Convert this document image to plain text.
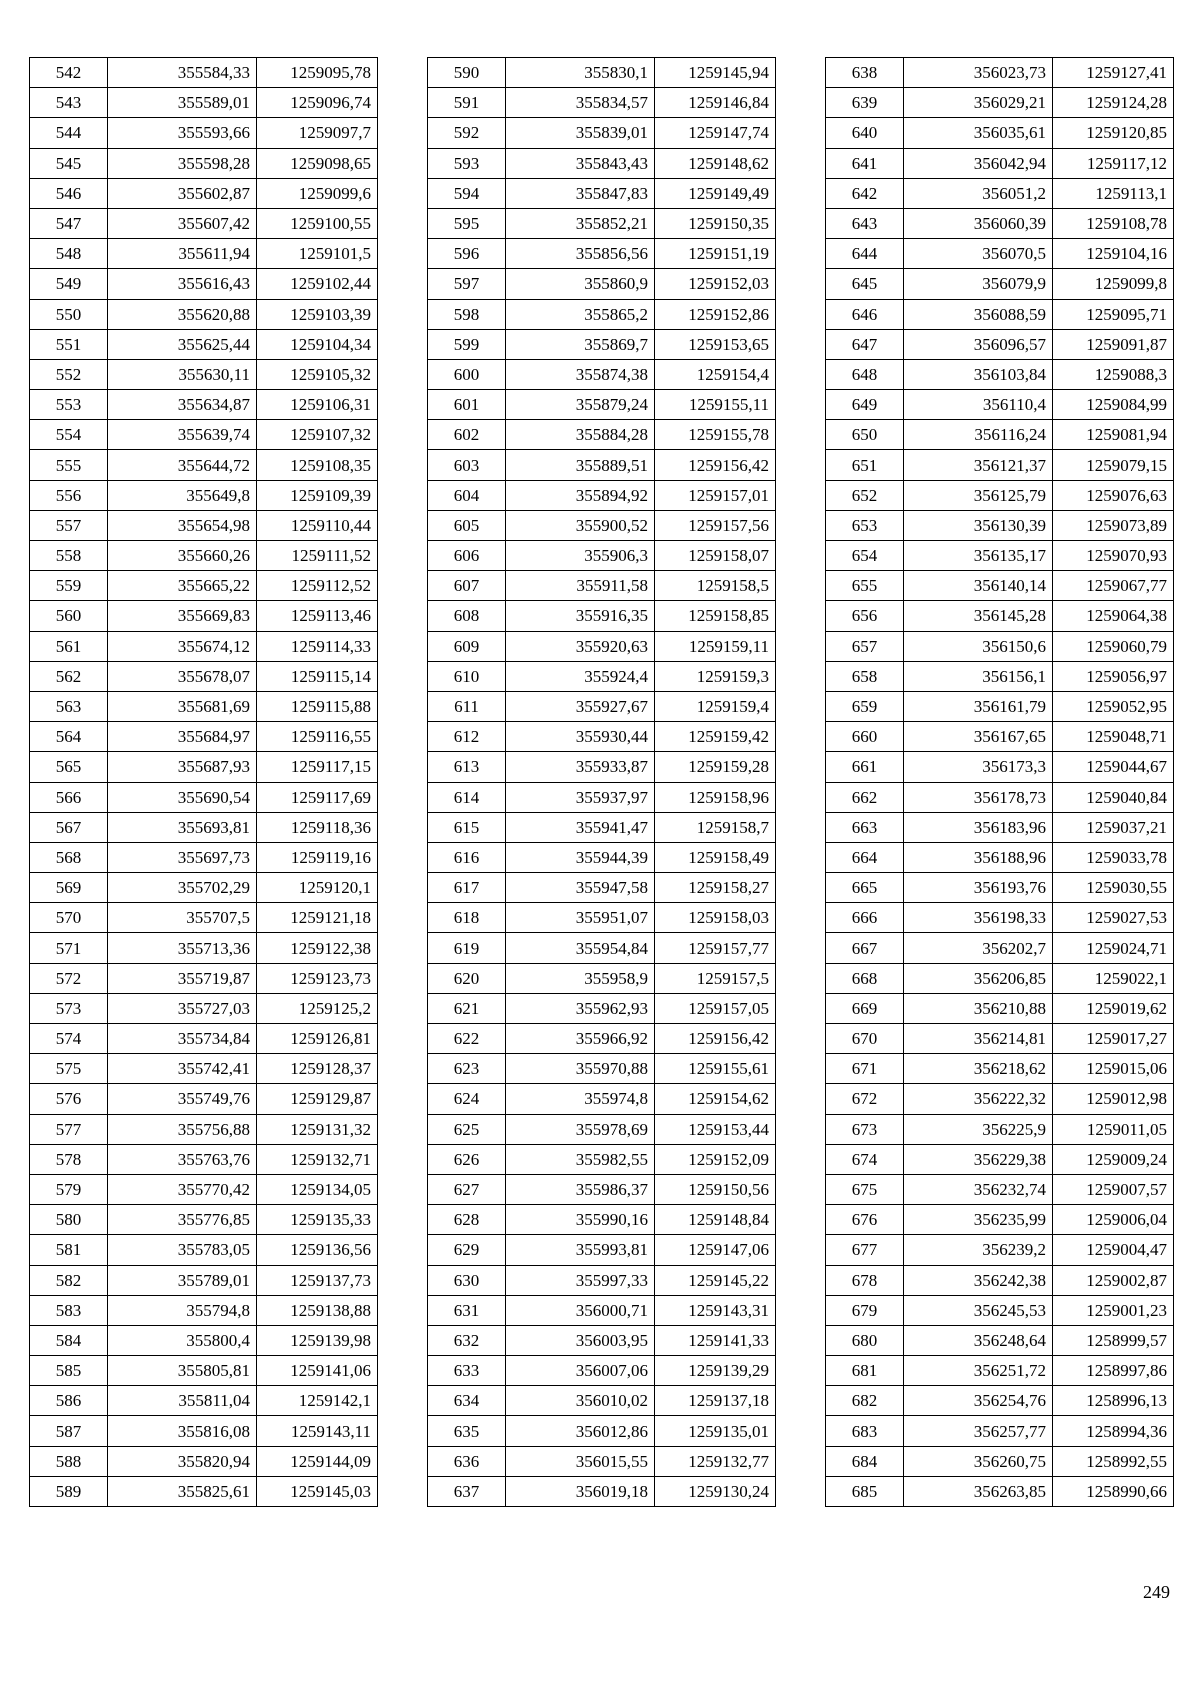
542	355584,33	1259095,78
543	355589,01	1259096,74
544	355593,66	1259097,7
545	355598,28	1259098,65
546	355602,87	1259099,6
547	355607,42	1259100,55
548	355611,94	1259101,5
549	355616,43	1259102,44
550	355620,88	1259103,39
551	355625,44	1259104,34
552	355630,11	1259105,32
553	355634,87	1259106,31
554	355639,74	1259107,32
555	355644,72	1259108,35
556	355649,8	1259109,39
557	355654,98	1259110,44
558	355660,26	1259111,52
559	355665,22	1259112,52
560	355669,83	1259113,46
561	355674,12	1259114,33
562	355678,07	1259115,14
563	355681,69	1259115,88
564	355684,97	1259116,55
565	355687,93	1259117,15
566	355690,54	1259117,69
567	355693,81	1259118,36
568	355697,73	1259119,16
569	355702,29	1259120,1
570	355707,5	1259121,18
571	355713,36	1259122,38
572	355719,87	1259123,73
573	355727,03	1259125,2
574	355734,84	1259126,81
575	355742,41	1259128,37
576	355749,76	1259129,87
577	355756,88	1259131,32
578	355763,76	1259132,71
579	355770,42	1259134,05
580	355776,85	1259135,33
581	355783,05	1259136,56
582	355789,01	1259137,73
583	355794,8	1259138,88
584	355800,4	1259139,98
585	355805,81	1259141,06
586	355811,04	1259142,1
587	355816,08	1259143,11
588	355820,94	1259144,09
589	355825,61	1259145,03
590	355830,1	1259145,94
591	355834,57	1259146,84
592	355839,01	1259147,74
593	355843,43	1259148,62
594	355847,83	1259149,49
595	355852,21	1259150,35
596	355856,56	1259151,19
597	355860,9	1259152,03
598	355865,2	1259152,86
599	355869,7	1259153,65
600	355874,38	1259154,4
601	355879,24	1259155,11
602	355884,28	1259155,78
603	355889,51	1259156,42
604	355894,92	1259157,01
605	355900,52	1259157,56
606	355906,3	1259158,07
607	355911,58	1259158,5
608	355916,35	1259158,85
609	355920,63	1259159,11
610	355924,4	1259159,3
611	355927,67	1259159,4
612	355930,44	1259159,42
613	355933,87	1259159,28
614	355937,97	1259158,96
615	355941,47	1259158,7
616	355944,39	1259158,49
617	355947,58	1259158,27
618	355951,07	1259158,03
619	355954,84	1259157,77
620	355958,9	1259157,5
621	355962,93	1259157,05
622	355966,92	1259156,42
623	355970,88	1259155,61
624	355974,8	1259154,62
625	355978,69	1259153,44
626	355982,55	1259152,09
627	355986,37	1259150,56
628	355990,16	1259148,84
629	355993,81	1259147,06
630	355997,33	1259145,22
631	356000,71	1259143,31
632	356003,95	1259141,33
633	356007,06	1259139,29
634	356010,02	1259137,18
635	356012,86	1259135,01
636	356015,55	1259132,77
637	356019,18	1259130,24
638	356023,73	1259127,41
639	356029,21	1259124,28
640	356035,61	1259120,85
641	356042,94	1259117,12
642	356051,2	1259113,1
643	356060,39	1259108,78
644	356070,5	1259104,16
645	356079,9	1259099,8
646	356088,59	1259095,71
647	356096,57	1259091,87
648	356103,84	1259088,3
649	356110,4	1259084,99
650	356116,24	1259081,94
651	356121,37	1259079,15
652	356125,79	1259076,63
653	356130,39	1259073,89
654	356135,17	1259070,93
655	356140,14	1259067,77
656	356145,28	1259064,38
657	356150,6	1259060,79
658	356156,1	1259056,97
659	356161,79	1259052,95
660	356167,65	1259048,71
661	356173,3	1259044,67
662	356178,73	1259040,84
663	356183,96	1259037,21
664	356188,96	1259033,78
665	356193,76	1259030,55
666	356198,33	1259027,53
667	356202,7	1259024,71
668	356206,85	1259022,1
669	356210,88	1259019,62
670	356214,81	1259017,27
671	356218,62	1259015,06
672	356222,32	1259012,98
673	356225,9	1259011,05
674	356229,38	1259009,24
675	356232,74	1259007,57
676	356235,99	1259006,04
677	356239,2	1259004,47
678	356242,38	1259002,87
679	356245,53	1259001,23
680	356248,64	1258999,57
681	356251,72	1258997,86
682	356254,76	1258996,13
683	356257,77	1258994,36
684	356260,75	1258992,55
685	356263,85	1258990,66
249
